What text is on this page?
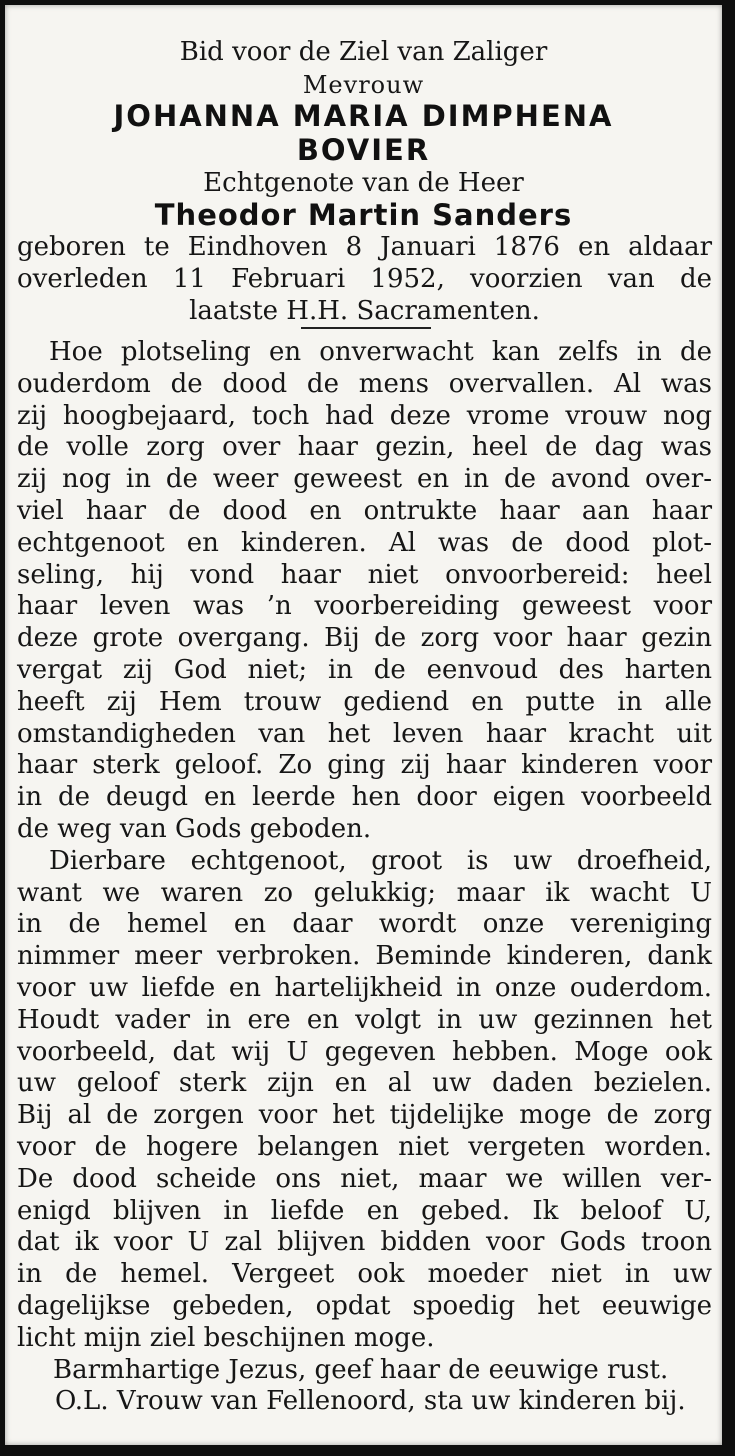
Bid voor de Ziel van Zaliger
Mevrouw
JOHANNA MARIA DIMPHENA
BOVIER
Echtgenote van de Heer
Theodor Martin Sanders
geboren te Eindhoven 8 Januari 1876 en aldaar
overleden 11 Februari 1952, voorzien van de
laatste H.H. Sacramenten.
Hoe plotseling en onverwacht kan zelfs in de
ouderdom de dood de mens overvallen. Al was
zij hoogbejaard, toch had deze vrome vrouw nog
de volle zorg over haar gezin, heel de dag was
zij nog in de weer geweest en in de avond over-
viel haar de dood en ontrukte haar aan haar
echtgenoot en kinderen. Al was de dood plot-
seling, hij vond haar niet onvoorbereid: heel
haar leven was ’n voorbereiding geweest voor
deze grote overgang. Bij de zorg voor haar gezin
vergat zij God niet; in de eenvoud des harten
heeft zij Hem trouw gediend en putte in alle
omstandigheden van het leven haar kracht uit
haar sterk geloof. Zo ging zij haar kinderen voor
in de deugd en leerde hen door eigen voorbeeld
de weg van Gods geboden.
Dierbare echtgenoot, groot is uw droefheid,
want we waren zo gelukkig; maar ik wacht U
in de hemel en daar wordt onze vereniging
nimmer meer verbroken. Beminde kinderen, dank
voor uw liefde en hartelijkheid in onze ouderdom.
Houdt vader in ere en volgt in uw gezinnen het
voorbeeld, dat wij U gegeven hebben. Moge ook
uw geloof sterk zijn en al uw daden bezielen.
Bij al de zorgen voor het tijdelijke moge de zorg
voor de hogere belangen niet vergeten worden.
De dood scheide ons niet, maar we willen ver-
enigd blijven in liefde en gebed. Ik beloof U,
dat ik voor U zal blijven bidden voor Gods troon
in de hemel. Vergeet ook moeder niet in uw
dagelijkse gebeden, opdat spoedig het eeuwige
licht mijn ziel beschijnen moge.
Barmhartige Jezus, geef haar de eeuwige rust.
O.L. Vrouw van Fellenoord, sta uw kinderen bij.
